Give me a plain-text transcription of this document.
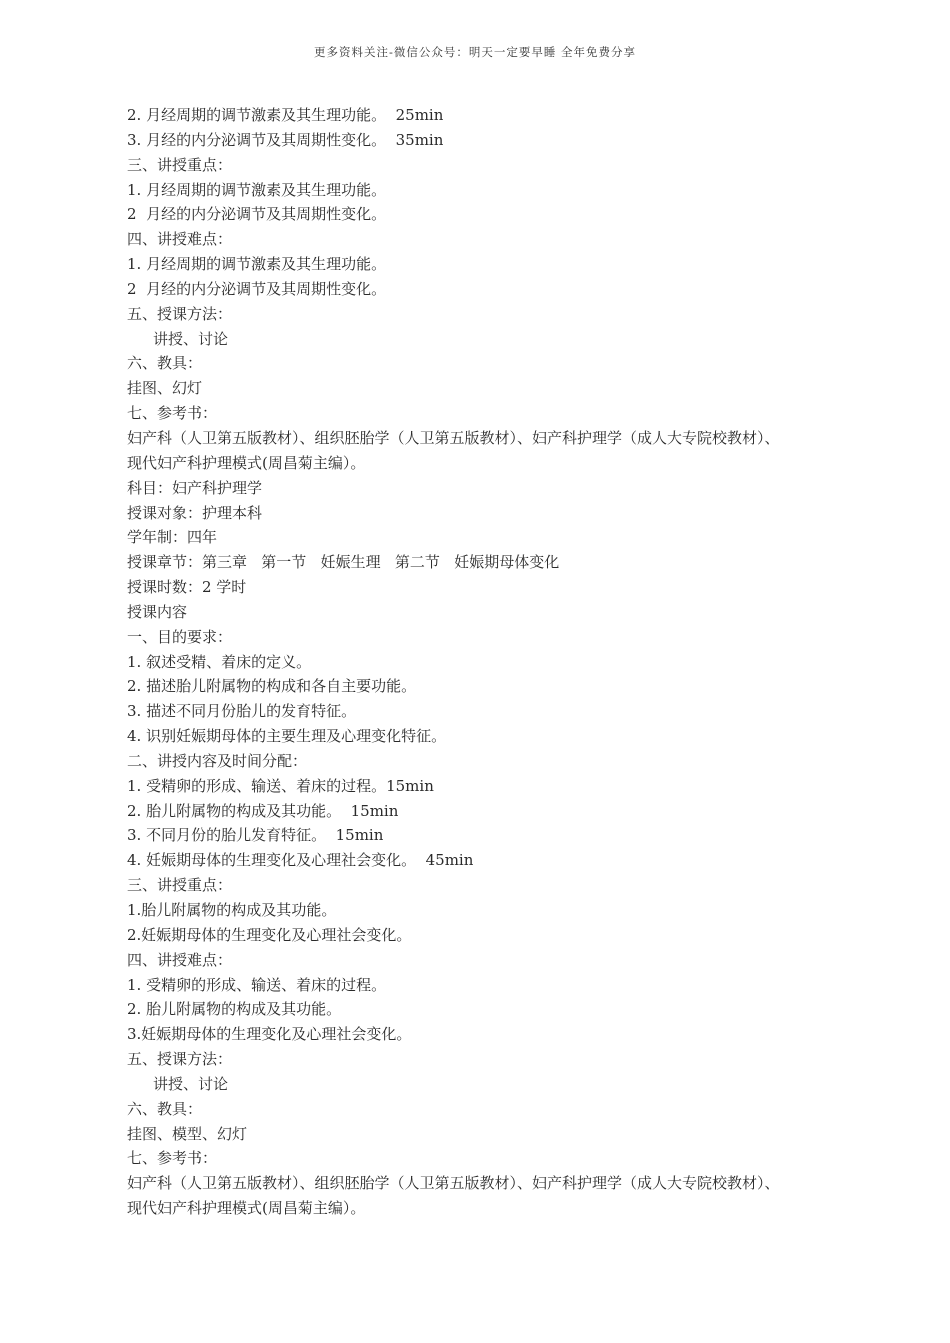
更多资料关注-微信公众号：明天一定要早睡 全年免费分享
2. 月经周期的调节激素及其生理功能。  25min
3. 月经的内分泌调节及其周期性变化。  35min
三、讲授重点：
1. 月经周期的调节激素及其生理功能。
2  月经的内分泌调节及其周期性变化。
四、讲授难点：
1. 月经周期的调节激素及其生理功能。
2  月经的内分泌调节及其周期性变化。
五、授课方法：
讲授、讨论
六、教具：
挂图、幻灯
七、参考书：
妇产科（人卫第五版教材）、组织胚胎学（人卫第五版教材）、妇产科护理学（成人大专院校教材）、
现代妇产科护理模式(周昌菊主编）。
科目：妇产科护理学
授课对象：护理本科
学年制：四年
授课章节：第三章   第一节   妊娠生理   第二节   妊娠期母体变化
授课时数：2 学时
授课内容
一、目的要求：
1. 叙述受精、着床的定义。
2. 描述胎儿附属物的构成和各自主要功能。
3. 描述不同月份胎儿的发育特征。
4. 识别妊娠期母体的主要生理及心理变化特征。
二、讲授内容及时间分配：
1. 受精卵的形成、输送、着床的过程。15min
2. 胎儿附属物的构成及其功能。  15min
3. 不同月份的胎儿发育特征。  15min
4. 妊娠期母体的生理变化及心理社会变化。  45min
三、讲授重点：
1.胎儿附属物的构成及其功能。
2.妊娠期母体的生理变化及心理社会变化。
四、讲授难点：
1. 受精卵的形成、输送、着床的过程。
2. 胎儿附属物的构成及其功能。
3.妊娠期母体的生理变化及心理社会变化。
五、授课方法：
讲授、讨论
六、教具：
挂图、模型、幻灯
七、参考书：
妇产科（人卫第五版教材）、组织胚胎学（人卫第五版教材）、妇产科护理学（成人大专院校教材）、
现代妇产科护理模式(周昌菊主编）。
